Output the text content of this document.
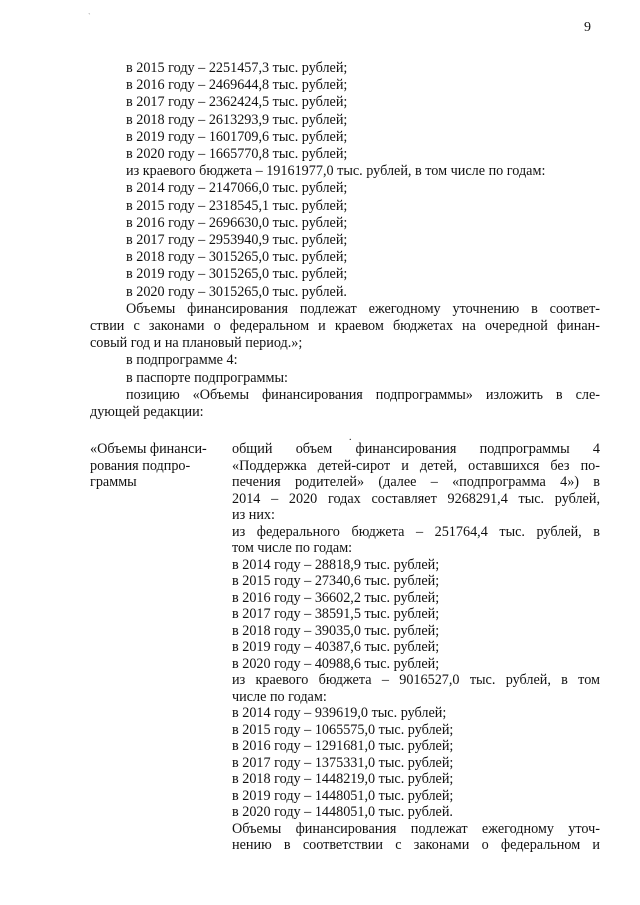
9
в 2015 году – 2251457,3 тыс. рублей;
в 2016 году – 2469644,8 тыс. рублей;
в 2017 году – 2362424,5 тыс. рублей;
в 2018 году – 2613293,9 тыс. рублей;
в 2019 году – 1601709,6 тыс. рублей;
в 2020 году – 1665770,8 тыс. рублей;
из краевого бюджета – 19161977,0 тыс. рублей, в том числе по годам:
в 2014 году – 2147066,0 тыс. рублей;
в 2015 году – 2318545,1 тыс. рублей;
в 2016 году – 2696630,0 тыс. рублей;
в 2017 году – 2953940,9 тыс. рублей;
в 2018 году – 3015265,0 тыс. рублей;
в 2019 году – 3015265,0 тыс. рублей;
в 2020 году – 3015265,0 тыс. рублей.
Объемы финансирования подлежат ежегодному уточнению в соответ-
ствии с законами о федеральном и краевом бюджетах на очередной финан-
совый год и на плановый период.»;
в подпрограмме 4:
в паспорте подпрограммы:
позицию «Объемы финансирования подпрограммы» изложить в сле-
дующей редакции:
.
`
«Объемы финанси-
рования подпро-
граммы
общий объем финансирования подпрограммы 4
«Поддержка детей-сирот и детей, оставшихся без по-
печения родителей» (далее – «подпрограмма 4») в
2014 – 2020 годах составляет 9268291,4 тыс. рублей,
из них:
из федерального бюджета – 251764,4 тыс. рублей, в
том числе по годам:
в 2014 году – 28818,9 тыс. рублей;
в 2015 году – 27340,6 тыс. рублей;
в 2016 году – 36602,2 тыс. рублей;
в 2017 году – 38591,5 тыс. рублей;
в 2018 году – 39035,0 тыс. рублей;
в 2019 году – 40387,6 тыс. рублей;
в 2020 году – 40988,6 тыс. рублей;
из краевого бюджета – 9016527,0 тыс. рублей, в том
числе по годам:
в 2014 году – 939619,0 тыс. рублей;
в 2015 году – 1065575,0 тыс. рублей;
в 2016 году – 1291681,0 тыс. рублей;
в 2017 году – 1375331,0 тыс. рублей;
в 2018 году – 1448219,0 тыс. рублей;
в 2019 году – 1448051,0 тыс. рублей;
в 2020 году – 1448051,0 тыс. рублей.
Объемы финансирования подлежат ежегодному уточ-
нению в соответствии с законами о федеральном и
